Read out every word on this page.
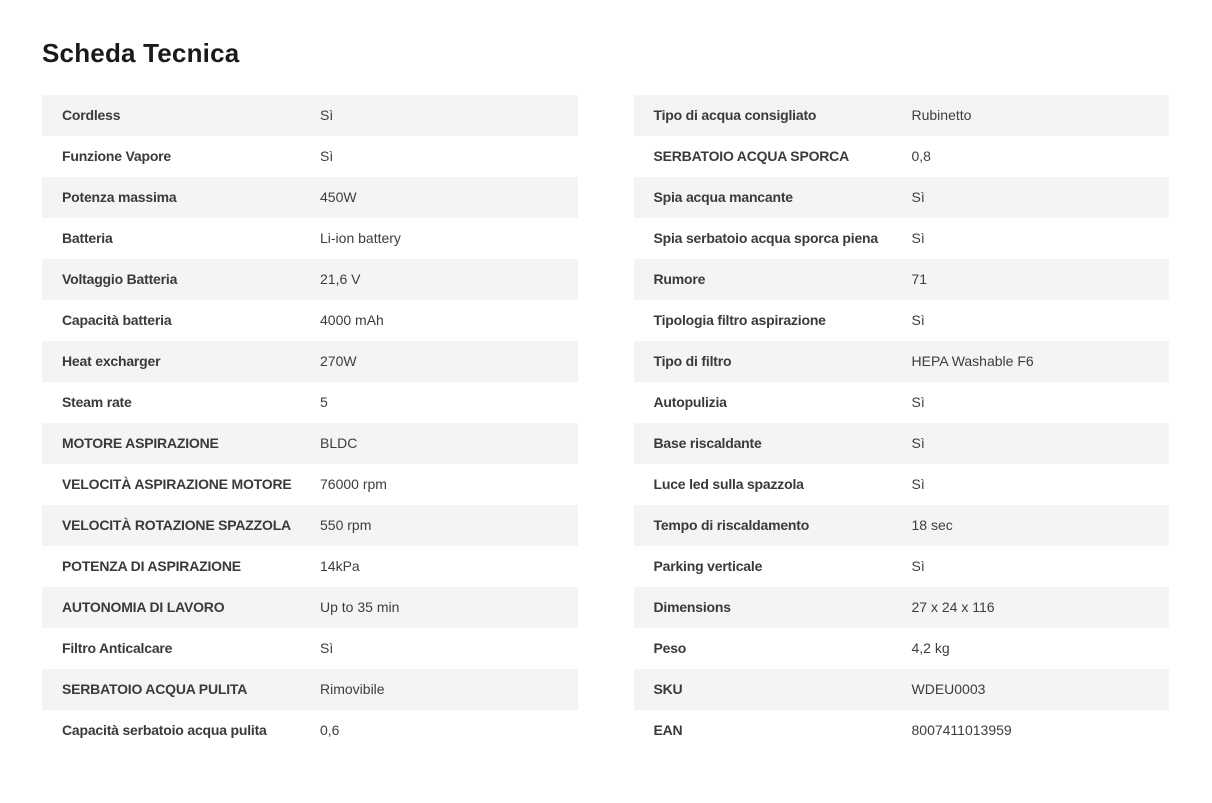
Scheda Tecnica
Cordless	Sì
Funzione Vapore	Sì
Potenza massima	450W
Batteria	Li-ion battery
Voltaggio Batteria	21,6 V
Capacità batteria	4000 mAh
Heat excharger	270W
Steam rate	5
MOTORE ASPIRAZIONE	BLDC
VELOCITÀ ASPIRAZIONE MOTORE 76000 rpm
VELOCITÀ ROTAZIONE SPAZZOLA 550 rpm
POTENZA DI ASPIRAZIONE	14kPa
AUTONOMIA DI LAVORO	Up to 35 min
Filtro Anticalcare	Sì
SERBATOIO ACQUA PULITA	Rimovibile
Capacità serbatoio acqua pulita	0,6
Tipo di acqua consigliato	Rubinetto
SERBATOIO ACQUA SPORCA	0,8
Spia acqua mancante	Sì
Spia serbatoio acqua sporca piena	Sì
Rumore	71
Tipologia filtro aspirazione	Sì
Tipo di filtro	HEPA Washable F6
Autopulizia	Sì
Base riscaldante	Sì
Luce led sulla spazzola	Sì
Tempo di riscaldamento	18 sec
Parking verticale	Sì
Dimensions	27 x 24 x 116
Peso	4,2 kg
SKU	WDEU0003
EAN	8007411013959
